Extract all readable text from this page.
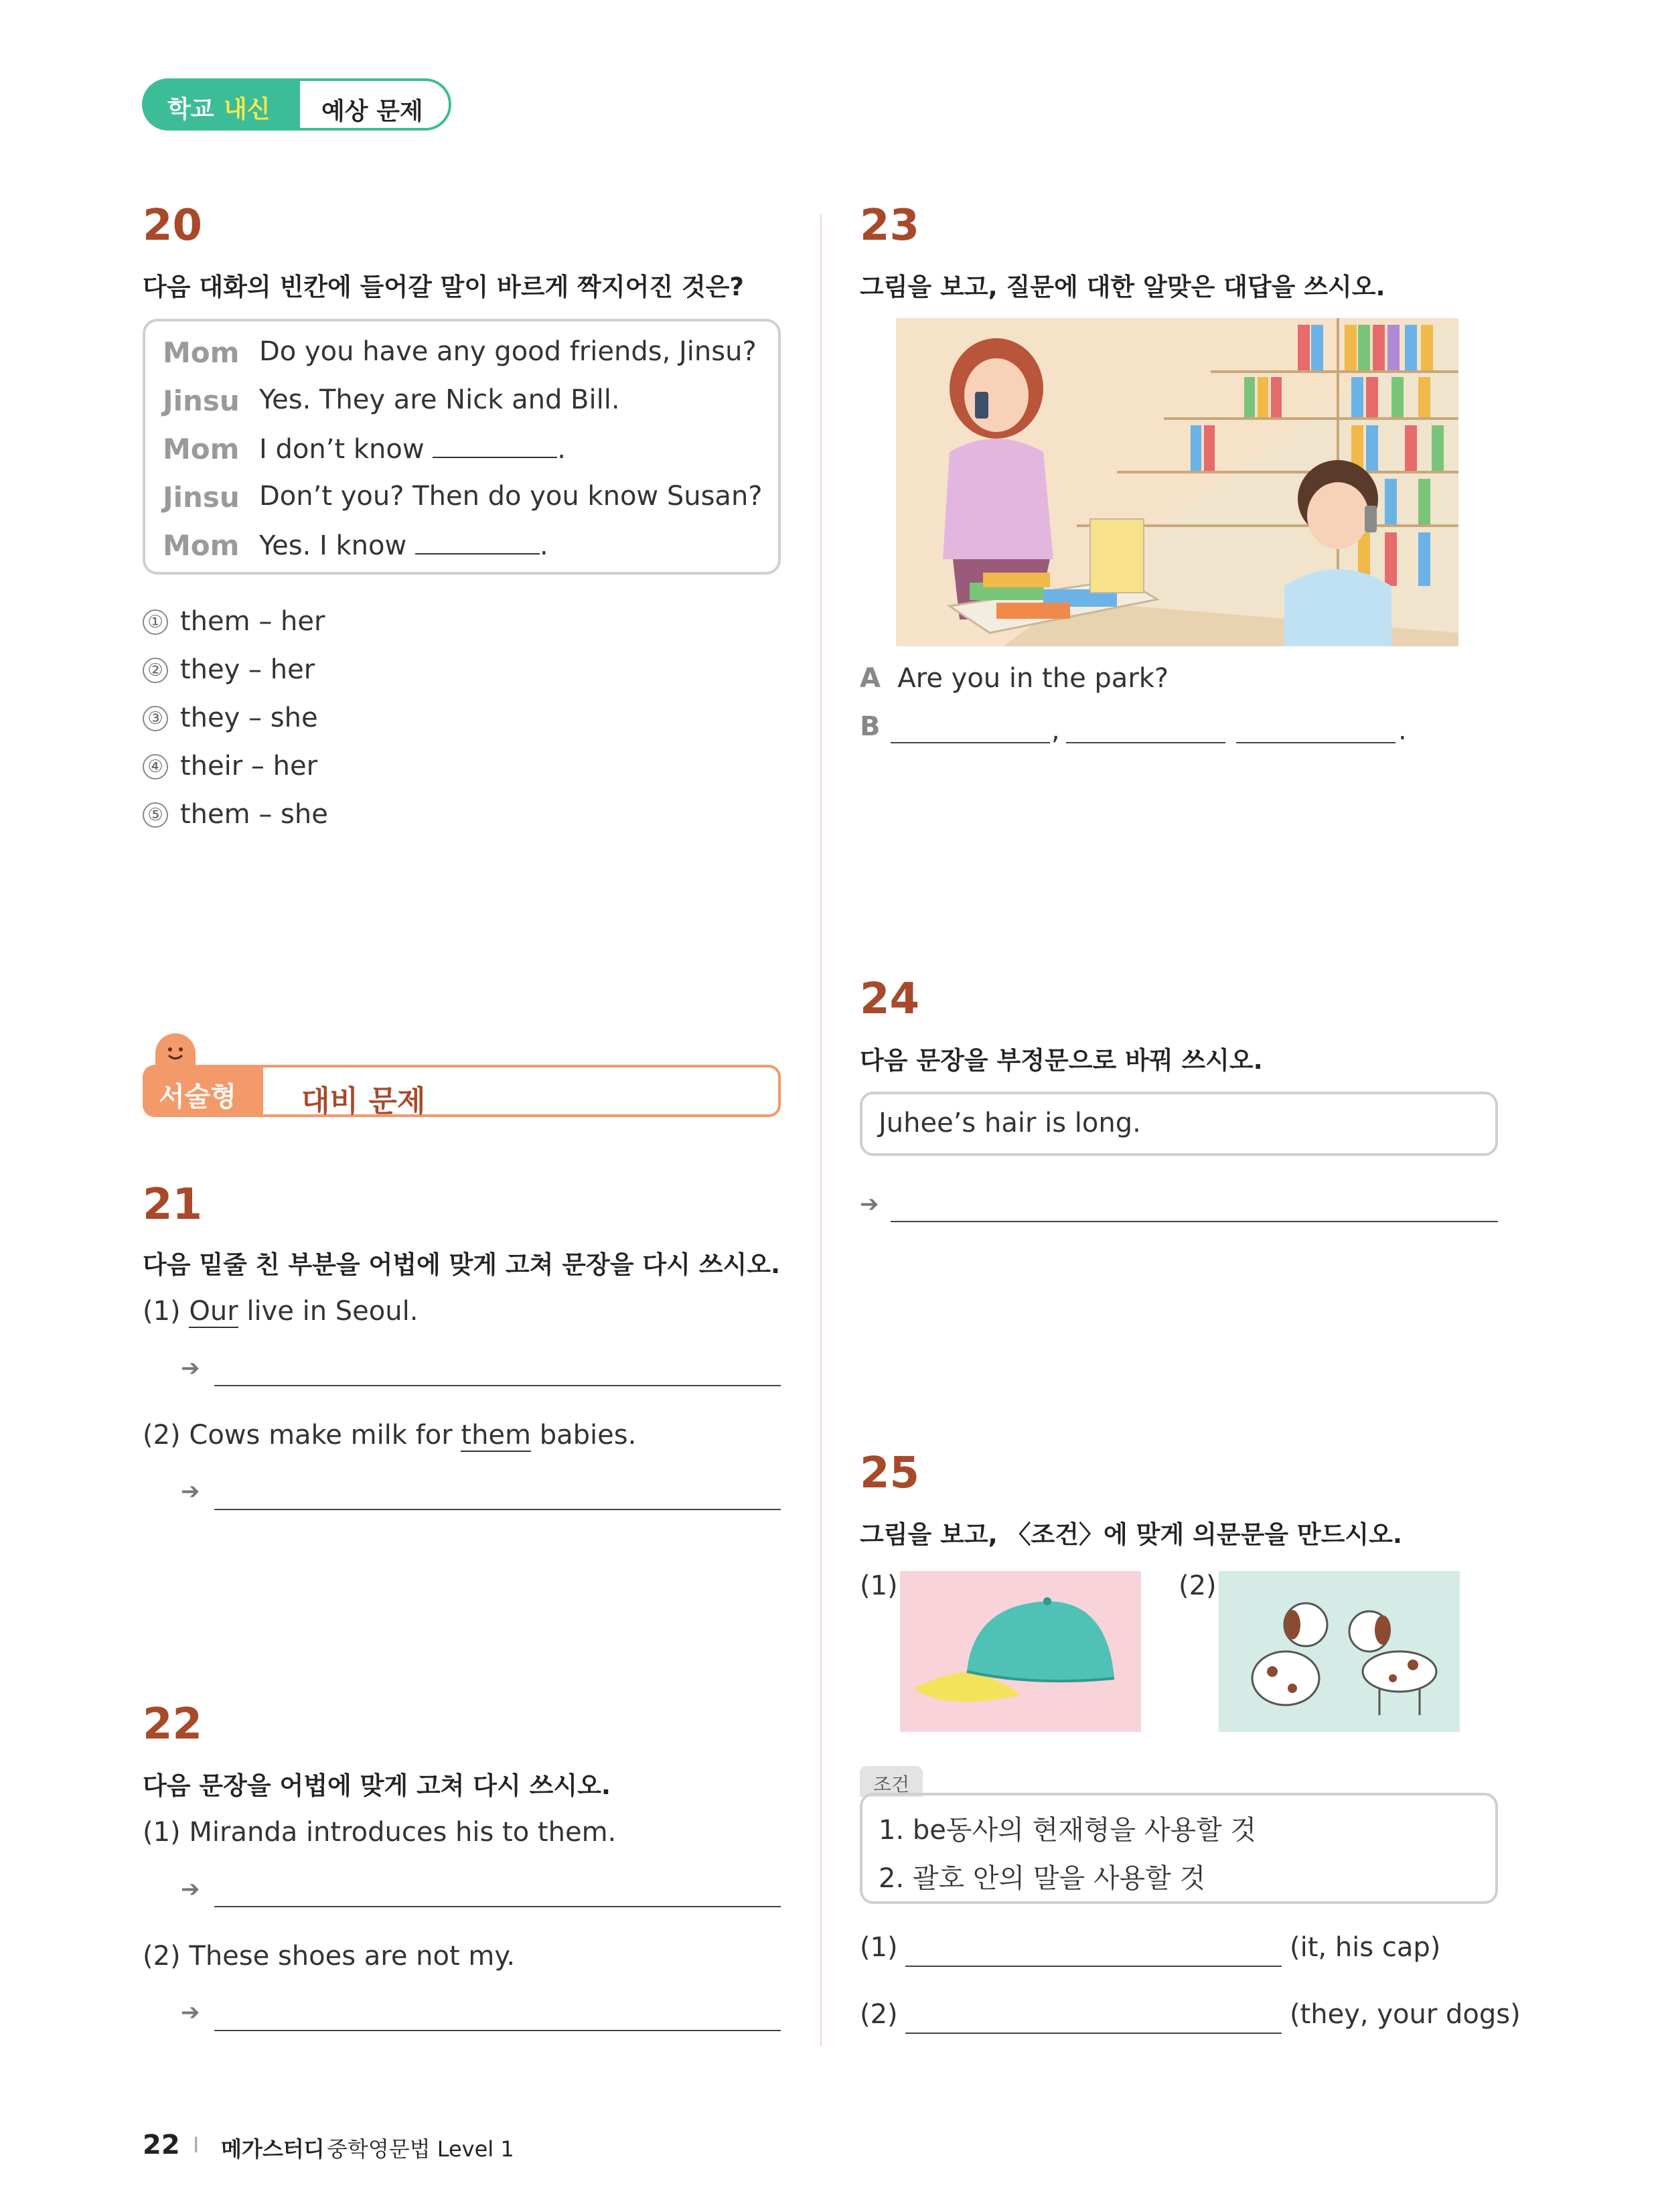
예상 문제
학교 내신
20
다음 대화의 빈칸에 들어갈 말이 바르게 짝지어진 것은?
Mom Do you have any good friends, Jinsu?
Jinsu Yes. They are Nick and Bill.
Mom I don’t know	.
Jinsu Don’t you? Then do you know Susan?
Mom Yes. I know	.
① them – her
② they – her
③ they – she
④ their – her
⑤ them – she
대비 문제
서술형
21
다음 밑줄 친 부분을 어법에 맞게 고쳐 문장을 다시 쓰시오.
(1) Our live in Seoul.
➔
(2) Cows make milk for them babies.
➔
22
다음 문장을 어법에 맞게 고쳐 다시 쓰시오.
(1) Miranda introduces his to them.
➔
(2) These shoes are not my.
➔
23
그림을 보고, 질문에 대한 알맞은 대답을 쓰시오.
A Are you in the park?
B	,	.
24
다음 문장을 부정문으로 바꿔 쓰시오.
Juhee’s hair is long.
➔
25
그림을 보고, 〈조건〉에 맞게 의문문을 만드시오.
(1)	(2)
조건
1. be동사의 현재형을 사용할 것
2. 괄호 안의 말을 사용할 것
(1)	(it, his cap)
(2)	(they, your dogs)
22 I 메가스터디 중학영문법 Level 1
